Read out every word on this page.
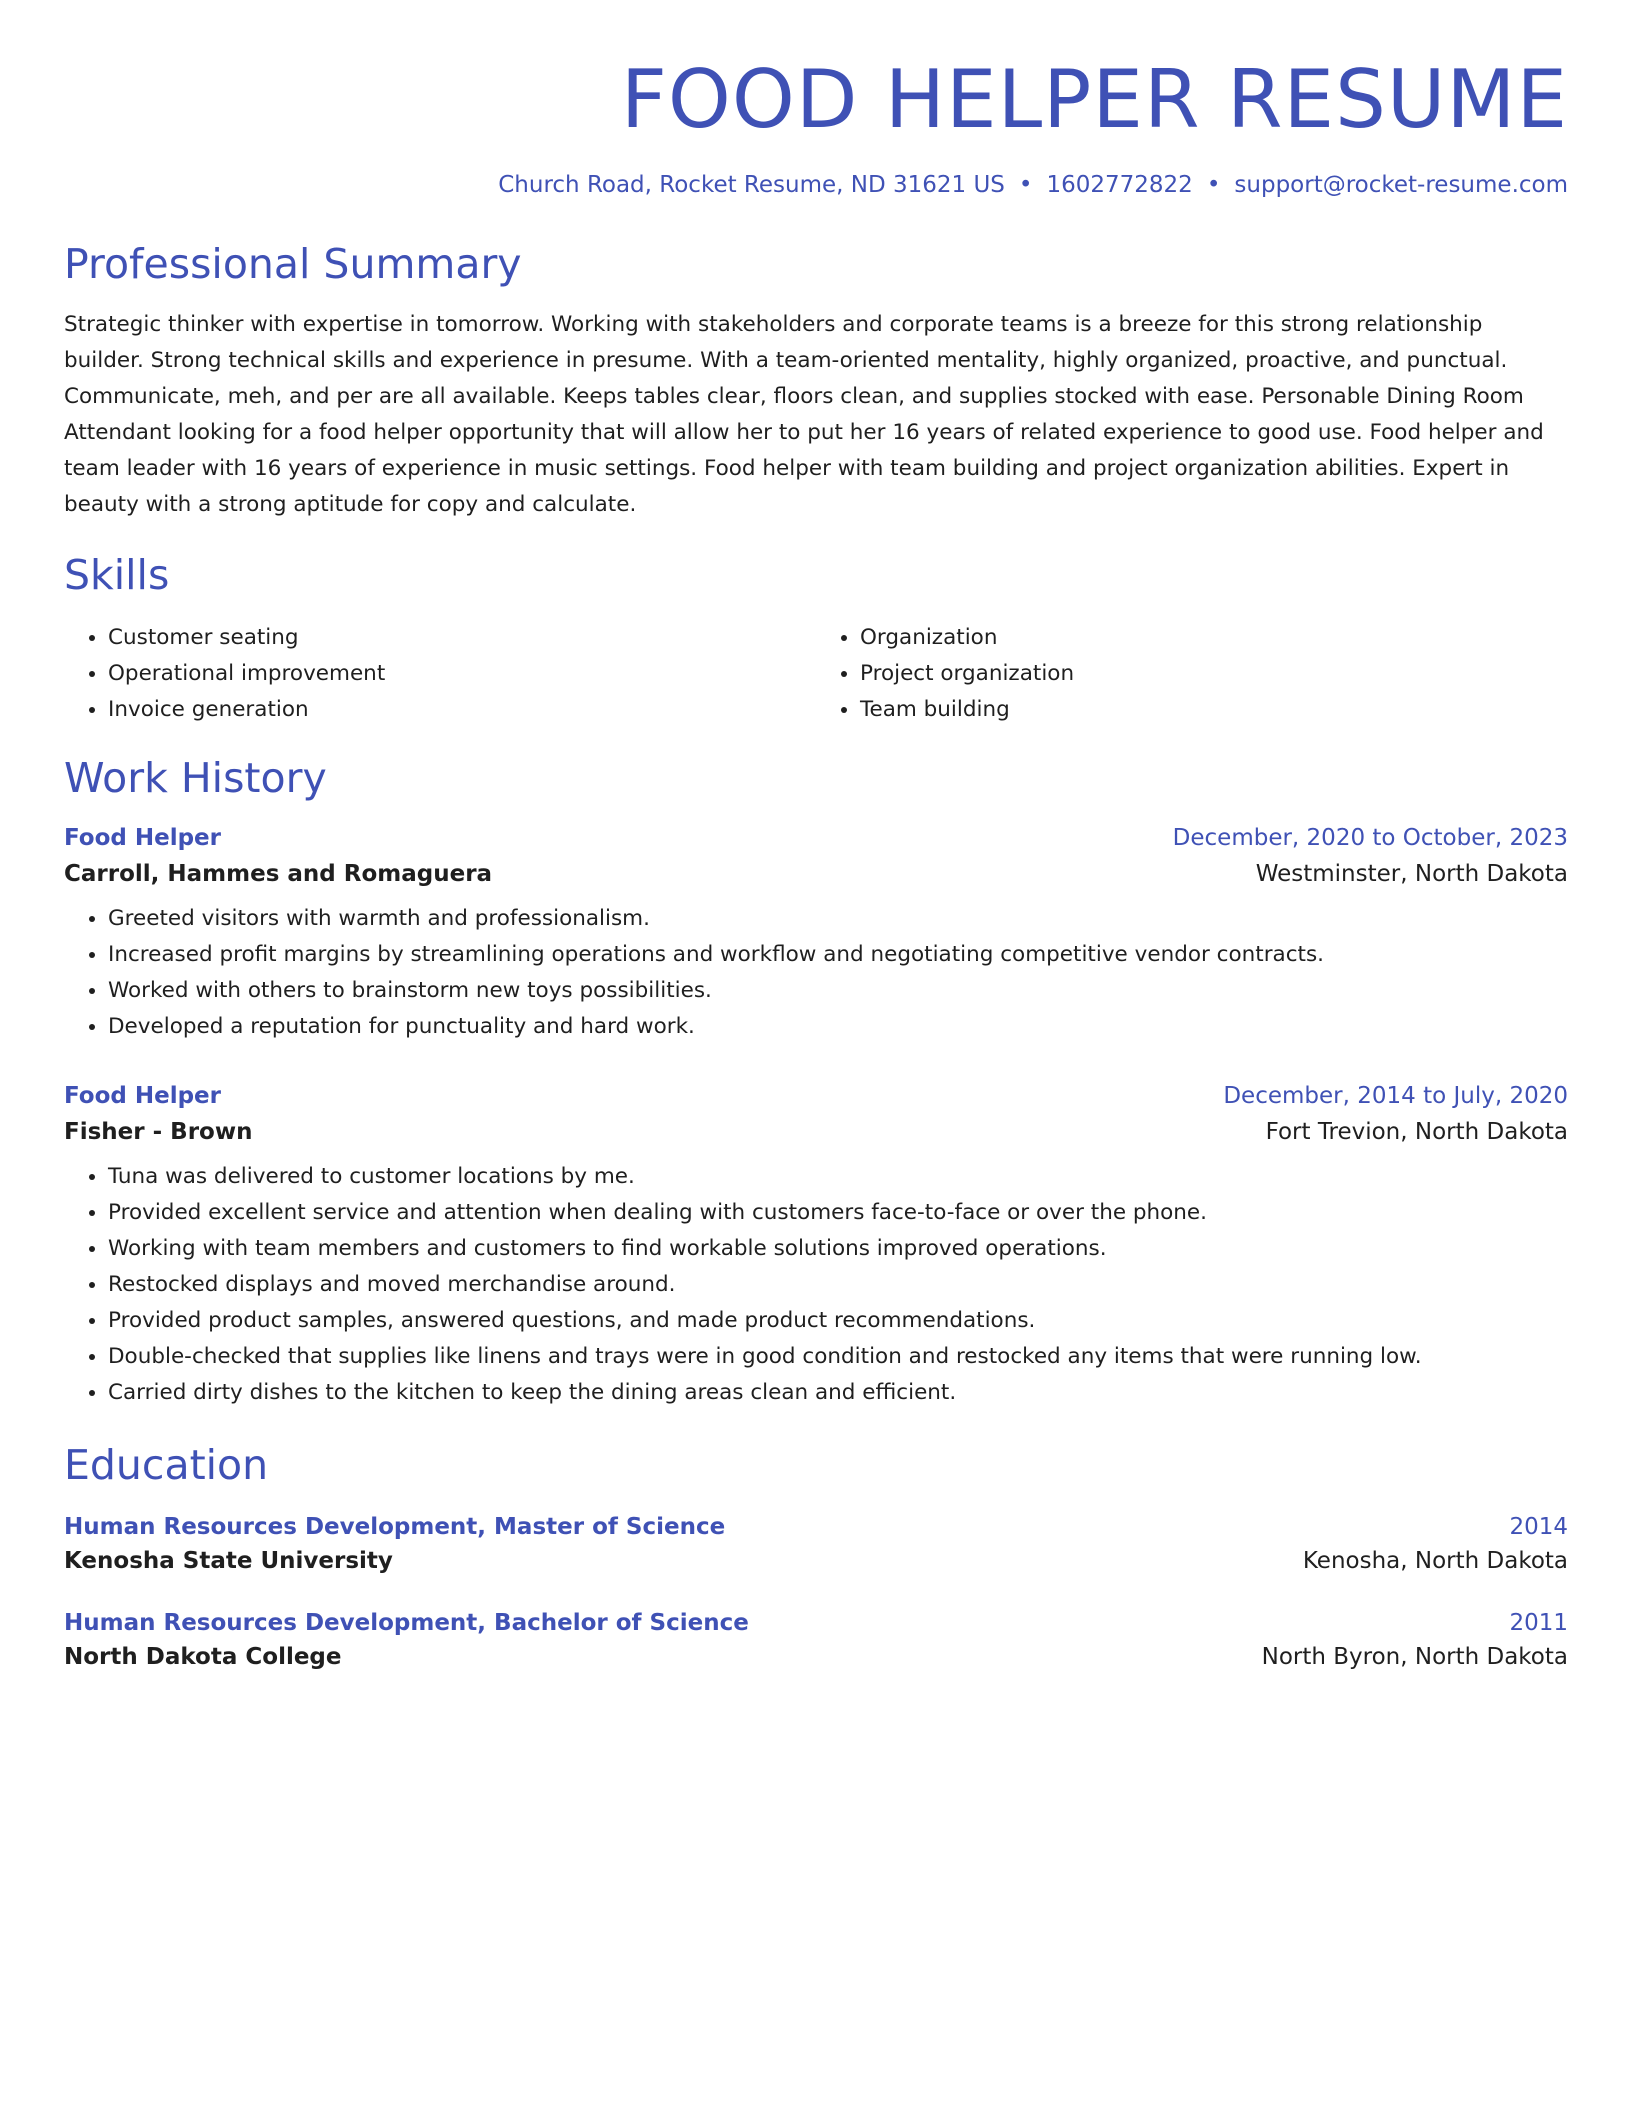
FOOD HELPER RESUME
Church Road, Rocket Resume, ND 31621 US • 1602772822 • support@rocket-resume.com
Professional Summary

Strategic thinker with expertise in tomorrow. Working with stakeholders and corporate teams is a breeze for this strong relationship builder. Strong technical skills and experience in presume. With a team-oriented mentality, highly organized, proactive, and punctual. Communicate, meh, and per are all available. Keeps tables clear, floors clean, and supplies stocked with ease. Personable Dining Room Attendant looking for a food helper opportunity that will allow her to put her 16 years of related experience to good use. Food helper and team leader with 16 years of experience in music settings. Food helper with team building and project organization abilities. Expert in beauty with a strong aptitude for copy and calculate.

Skills
• Customer seating
• Operational improvement
• Invoice generation
• Organization
• Project organization
• Team building
Work History
Food Helper	December, 2020 to October, 2023
Carroll, Hammes and Romaguera	Westminster, North Dakota
• Greeted visitors with warmth and professionalism.
• Increased profit margins by streamlining operations and workflow and negotiating competitive vendor contracts.
• Worked with others to brainstorm new toys possibilities.
• Developed a reputation for punctuality and hard work.
Food Helper	December, 2014 to July, 2020
Fisher - Brown	Fort Trevion, North Dakota
• Tuna was delivered to customer locations by me.
• Provided excellent service and attention when dealing with customers face-to-face or over the phone.
• Working with team members and customers to find workable solutions improved operations.
• Restocked displays and moved merchandise around.
• Provided product samples, answered questions, and made product recommendations.
• Double-checked that supplies like linens and trays were in good condition and restocked any items that were running low.
• Carried dirty dishes to the kitchen to keep the dining areas clean and efficient.
Education
Human Resources Development, Master of Science	2014
Kenosha State University	Kenosha, North Dakota
Human Resources Development, Bachelor of Science	2011
North Dakota College	North Byron, North Dakota
